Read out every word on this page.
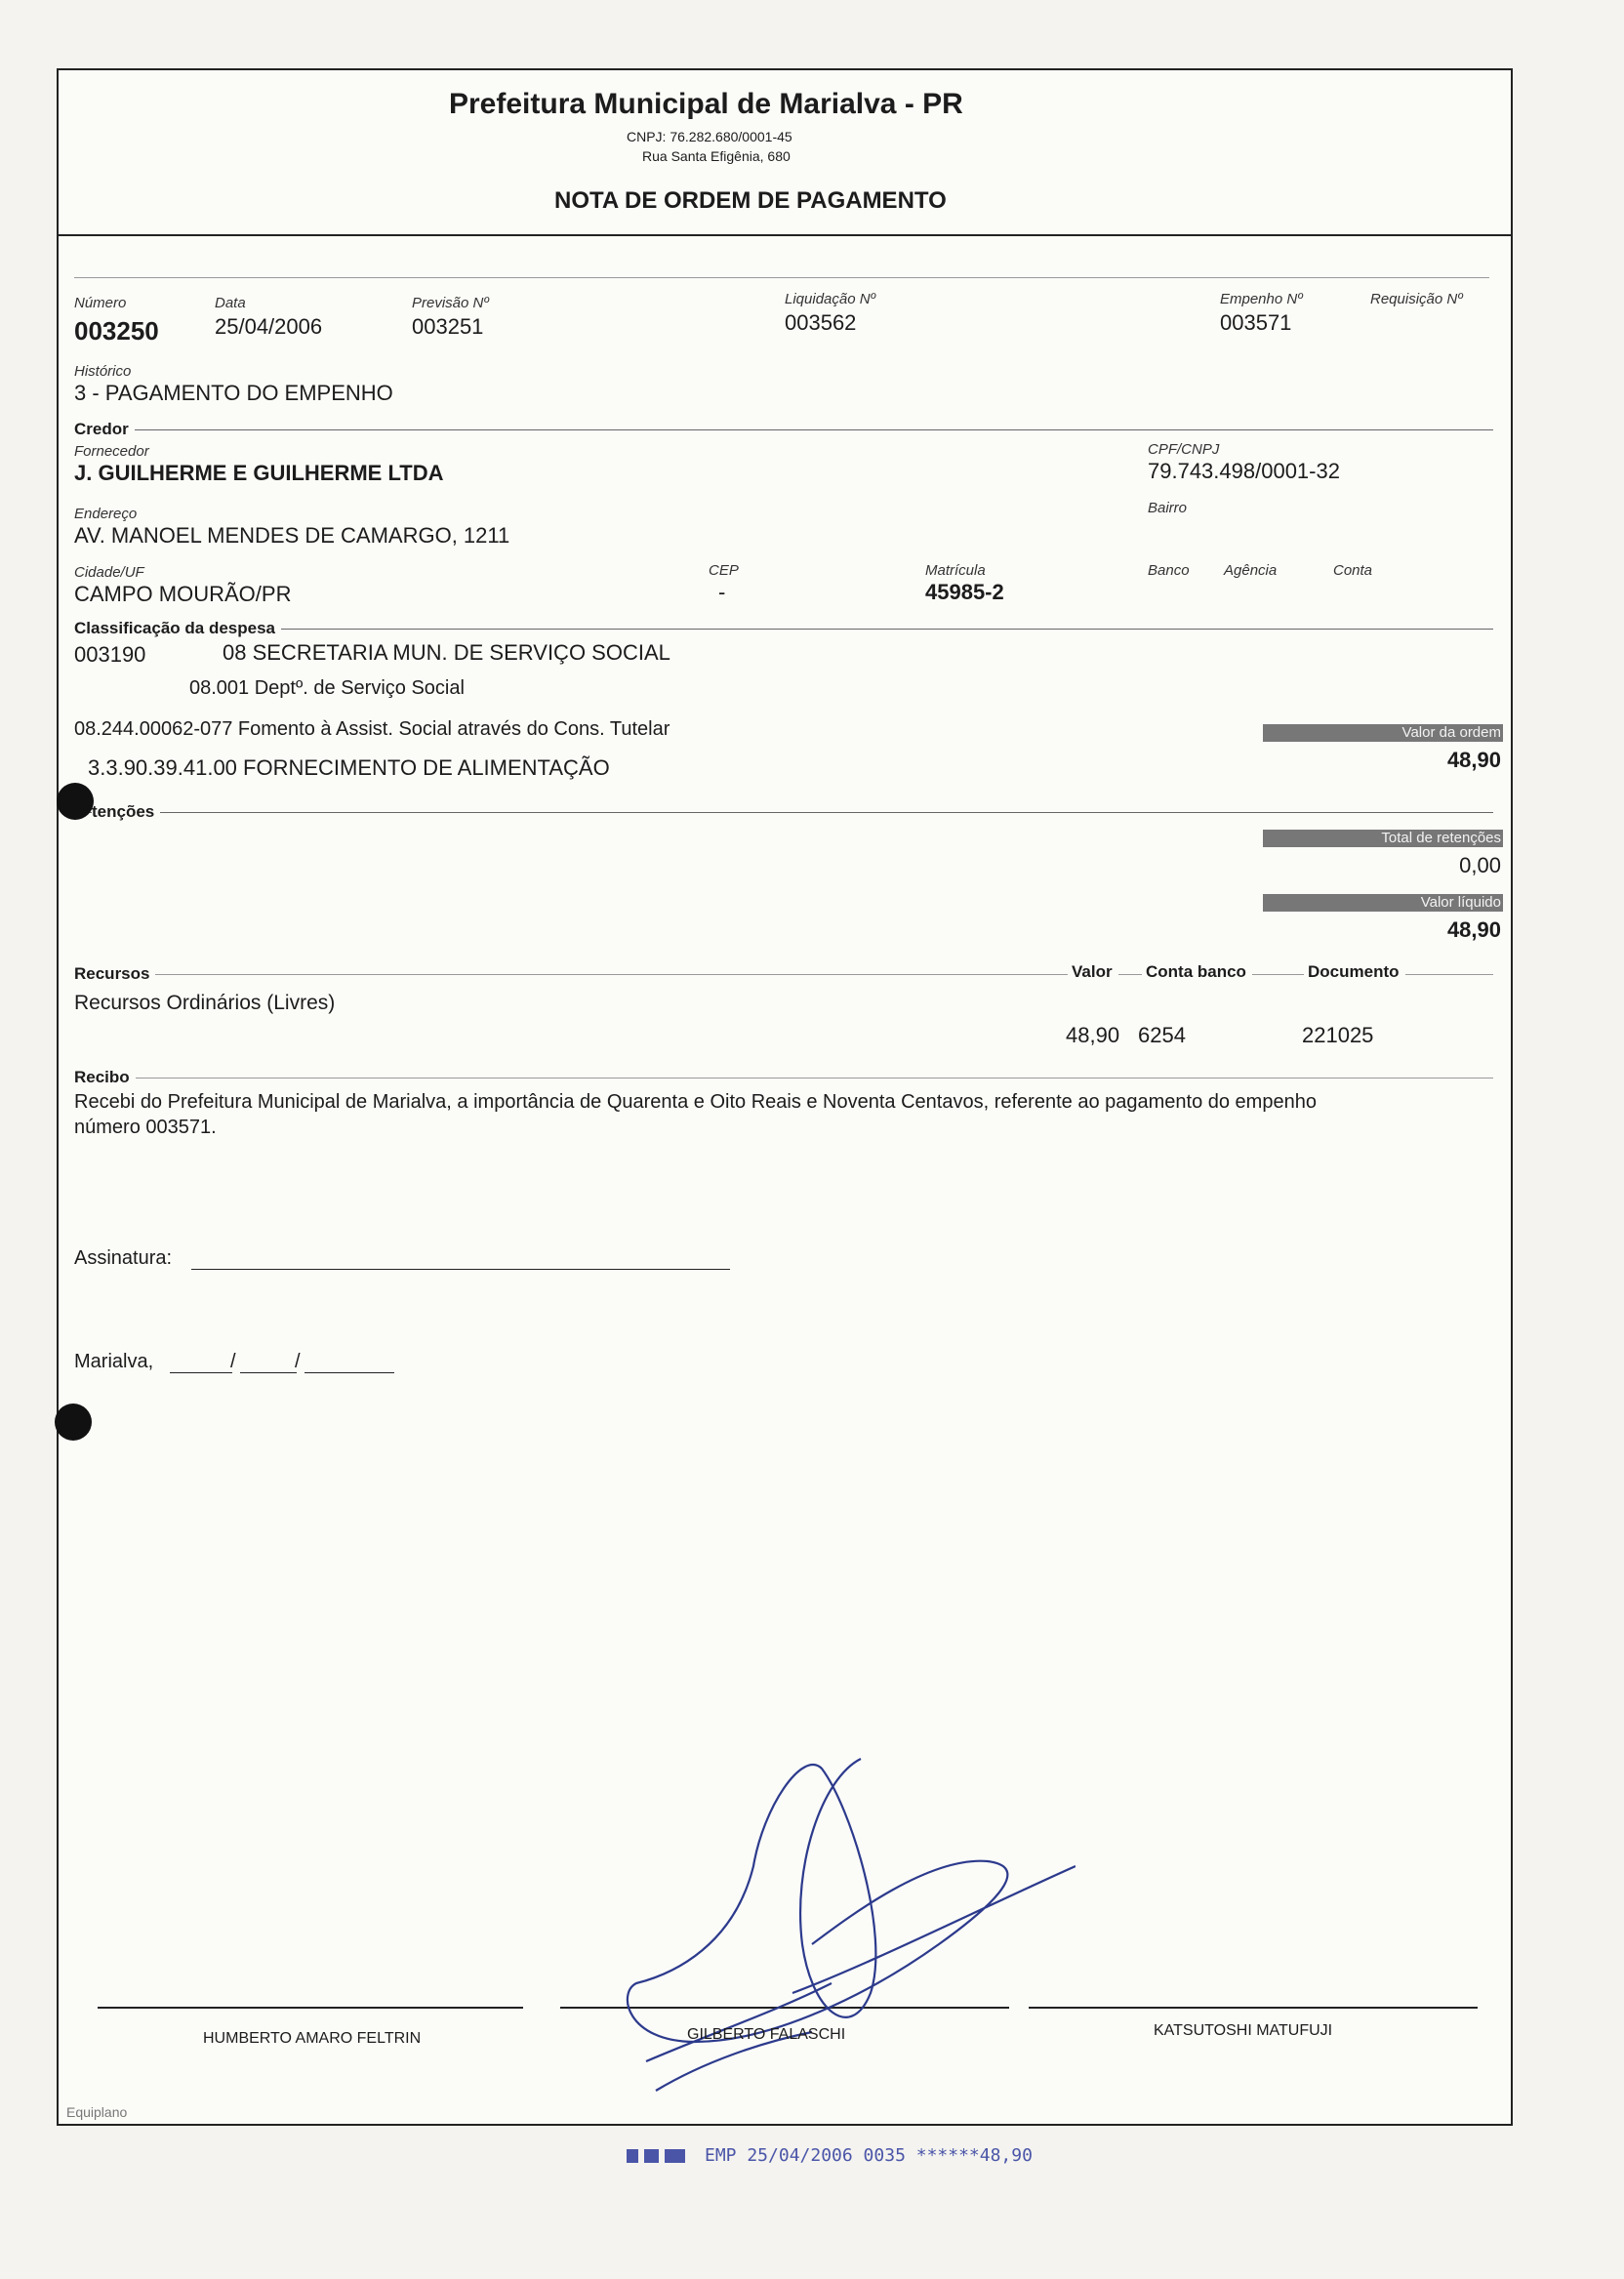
Prefeitura Municipal de Marialva - PR
CNPJ: 76.282.680/0001-45
Rua Santa Efigênia, 680
NOTA DE ORDEM DE PAGAMENTO
Número
003250
Data
25/04/2006
Previsão Nº
003251
Liquidação Nº
003562
Empenho Nº
003571
Requisição Nº
Histórico
3 - PAGAMENTO DO EMPENHO
Credor
Fornecedor
J. GUILHERME E GUILHERME LTDA
CPF/CNPJ
79.743.498/0001-32
Endereço
AV. MANOEL MENDES DE CAMARGO, 1211
Bairro
Cidade/UF
CAMPO MOURÃO/PR
CEP
-
Matrícula
45985-2
Banco Agência	Conta
Classificação da despesa
003190	08 SECRETARIA MUN. DE SERVIÇO SOCIAL
08.001 Deptº. de Serviço Social
08.244.00062-077 Fomento à Assist. Social através do Cons. Tutelar
3.3.90.39.41.00 FORNECIMENTO DE ALIMENTAÇÃO
Valor da ordem
48,90
tenções
Total de retenções
0,00
Valor líquido
48,90
Recursos	Valor	Conta banco	Documento
Recursos Ordinários (Livres)
48,90 6254	221025
Recibo
Recebi do Prefeitura Municipal de Marialva, a importância de Quarenta e Oito Reais e Noventa Centavos, referente ao pagamento do empenho
número 003571.
Assinatura:
Marialva,	/	/
HUMBERTO AMARO FELTRIN	GILBERTO FALASCHI	KATSUTOSHI MATUFUJI
Equiplano
EMP 25/04/2006 0035 ******48,90
